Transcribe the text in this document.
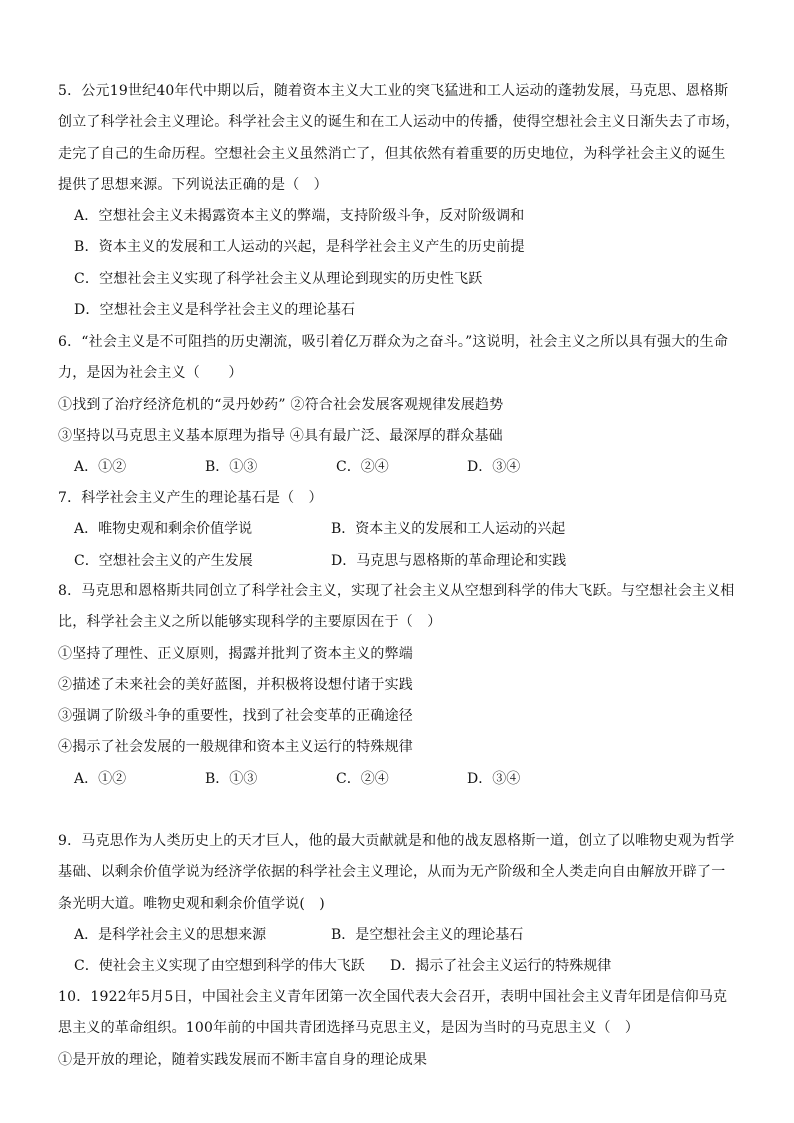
5．公元19世纪40年代中期以后，随着资本主义大工业的突飞猛进和工人运动的蓬勃发展，马克思、恩格斯
创立了科学社会主义理论。科学社会主义的诞生和在工人运动中的传播，使得空想社会主义日渐失去了市场，
走完了自己的生命历程。空想社会主义虽然消亡了，但其依然有着重要的历史地位，为科学社会主义的诞生
提供了思想来源。下列说法正确的是（　）
A．空想社会主义未揭露资本主义的弊端，支持阶级斗争，反对阶级调和
B．资本主义的发展和工人运动的兴起，是科学社会主义产生的历史前提
C．空想社会主义实现了科学社会主义从理论到现实的历史性飞跃
D．空想社会主义是科学社会主义的理论基石
6．“社会主义是不可阻挡的历史潮流，吸引着亿万群众为之奋斗。”这说明，社会主义之所以具有强大的生命
力，是因为社会主义（　　）
①找到了治疗经济危机的“灵丹妙药” ②符合社会发展客观规律发展趋势
③坚持以马克思主义基本原理为指导 ④具有最广泛、最深厚的群众基础
A．①②	B．①③	C．②④	D．③④
7．科学社会主义产生的理论基石是（　）
A．唯物史观和剩余价值学说	B．资本主义的发展和工人运动的兴起
C．空想社会主义的产生发展	D．马克思与恩格斯的革命理论和实践
8．马克思和恩格斯共同创立了科学社会主义，实现了社会主义从空想到科学的伟大飞跃。与空想社会主义相
比，科学社会主义之所以能够实现科学的主要原因在于（　）
①坚持了理性、正义原则，揭露并批判了资本主义的弊端
②描述了未来社会的美好蓝图，并积极将设想付诸于实践
③强调了阶级斗争的重要性，找到了社会变革的正确途径
④揭示了社会发展的一般规律和资本主义运行的特殊规律
A．①②	B．①③	C．②④	D．③④
9．马克思作为人类历史上的天才巨人，他的最大贡献就是和他的战友恩格斯一道，创立了以唯物史观为哲学
基础、以剩余价值学说为经济学依据的科学社会主义理论，从而为无产阶级和全人类走向自由解放开辟了一
条光明大道。唯物史观和剩余价值学说(　)
A．是科学社会主义的思想来源	B．是空想社会主义的理论基石
C．使社会主义实现了由空想到科学的伟大飞跃	D．揭示了社会主义运行的特殊规律
10．1922年5月5日，中国社会主义青年团第一次全国代表大会召开，表明中国社会主义青年团是信仰马克
思主义的革命组织。100年前的中国共青团选择马克思主义，是因为当时的马克思主义（　）
①是开放的理论，随着实践发展而不断丰富自身的理论成果
